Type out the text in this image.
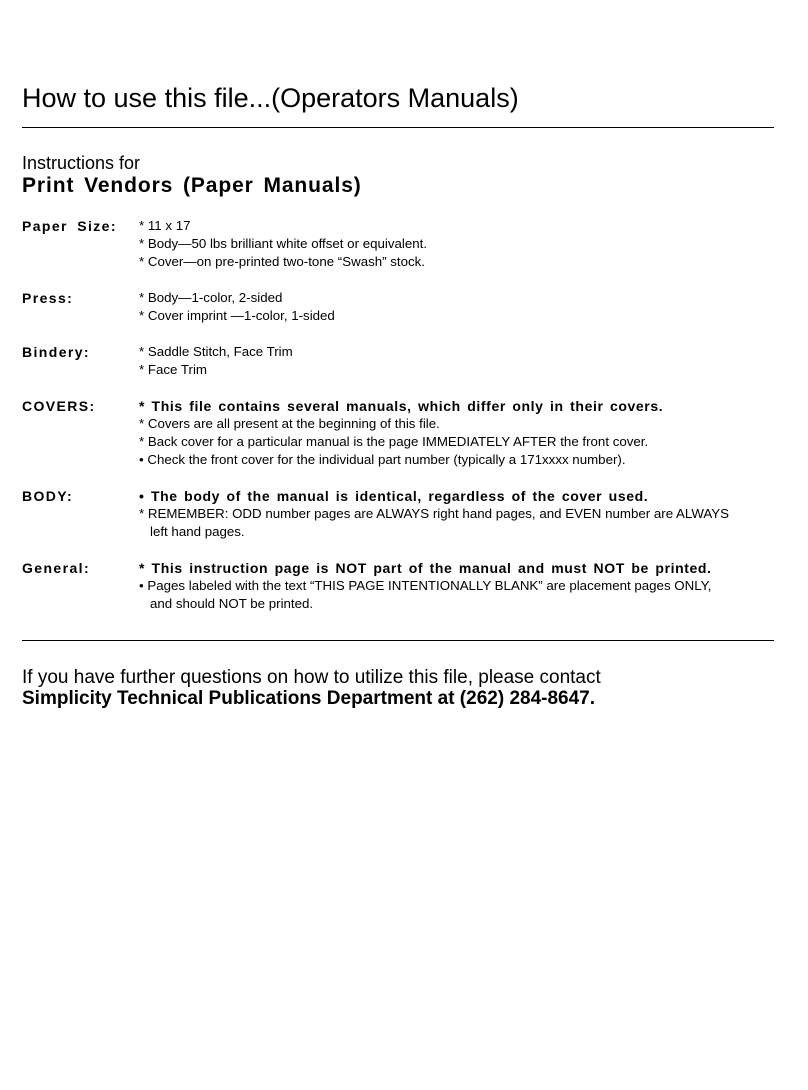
How to use this file...(Operators Manuals)
Instructions for
Print Vendors (Paper Manuals)
Paper Size: * 11 x 17
* Body—50 lbs brilliant white offset or equivalent.
* Cover—on pre-printed two-tone “Swash” stock.
Press:	* Body—1-color, 2-sided
* Cover imprint —1-color, 1-sided
Bindery:	* Saddle Stitch, Face Trim
* Face Trim
COVERS:	* This file contains several manuals, which differ only in their covers.
* Covers are all present at the beginning of this file.
* Back cover for a particular manual is the page IMMEDIATELY AFTER the front cover.
• Check the front cover for the individual part number (typically a 171xxxx number).
BODY:	• The body of the manual is identical, regardless of the cover used.
* REMEMBER: ODD number pages are ALWAYS right hand pages, and EVEN number are ALWAYS
left hand pages.
General:	* This instruction page is NOT part of the manual and must NOT be printed.
• Pages labeled with the text “THIS PAGE INTENTIONALLY BLANK” are placement pages ONLY,
and should NOT be printed.
If you have further questions on how to utilize this file, please contact
Simplicity Technical Publications Department at (262) 284-8647.
